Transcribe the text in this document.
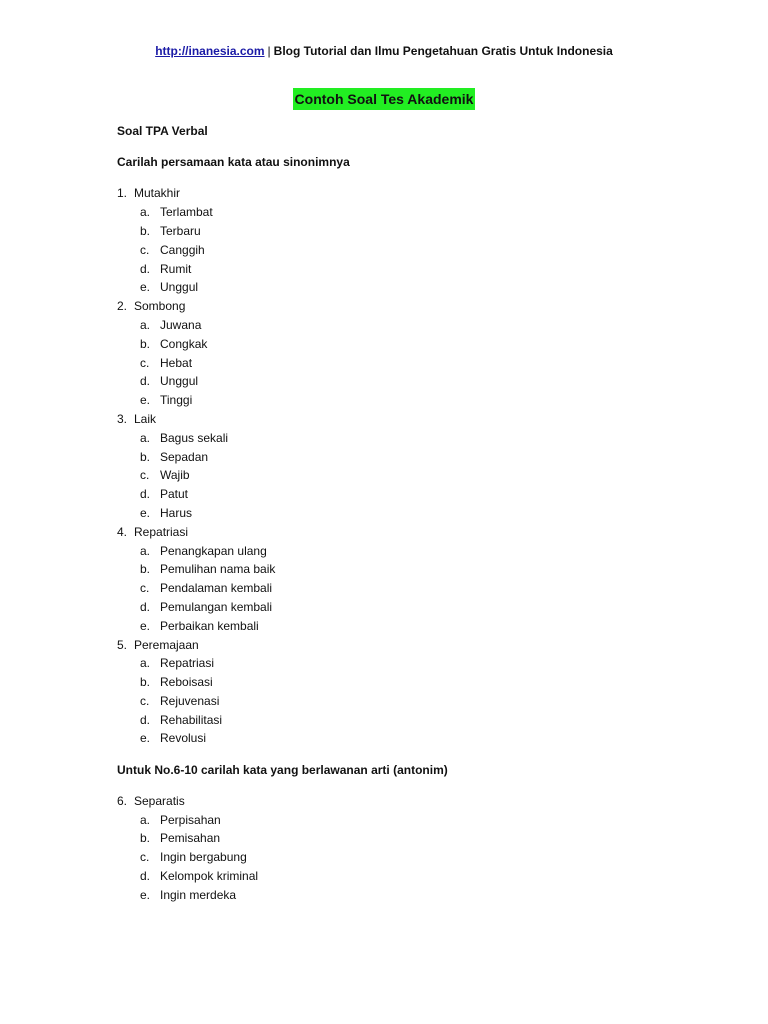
http://inanesia.com | Blog Tutorial dan Ilmu Pengetahuan Gratis Untuk Indonesia
Contoh Soal Tes Akademik

Soal TPA Verbal

Carilah persamaan kata atau sinonimnya

1. Mutakhir

a. Terlambat

b. Terbaru

c. Canggih

d. Rumit

e. Unggul

2. Sombong

a. Juwana

b. Congkak

c. Hebat

d. Unggul

e. Tinggi

3. Laik

a. Bagus sekali

b. Sepadan

c. Wajib

d. Patut

e. Harus

4. Repatriasi

a. Penangkapan ulang

b. Pemulihan nama baik

c. Pendalaman kembali

d. Pemulangan kembali

e. Perbaikan kembali

5. Peremajaan

a. Repatriasi

b. Reboisasi

c. Rejuvenasi

d. Rehabilitasi

e. Revolusi

Untuk No.6-10 carilah kata yang berlawanan arti (antonim)

6. Separatis

a. Perpisahan

b. Pemisahan

c. Ingin bergabung

d. Kelompok kriminal

e. Ingin merdeka
